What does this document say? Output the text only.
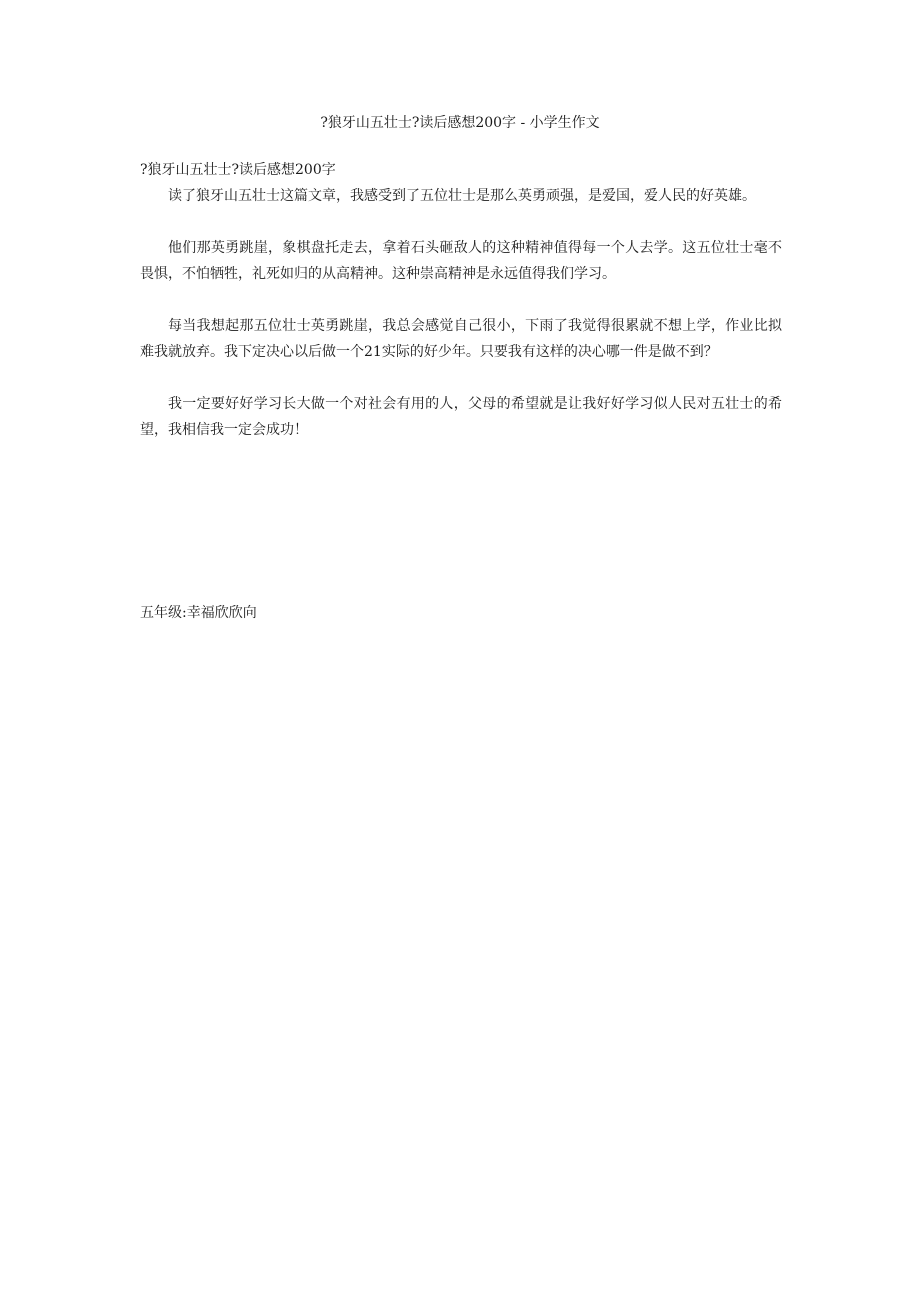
?狼牙山五壮士?读后感想200字 - 小学生作文

?狼牙山五壮士?读后感想200字

读了狼牙山五壮士这篇文章，我感受到了五位壮士是那么英勇顽强，是爱国，爱人民的好英雄。

他们那英勇跳崖，象棋盘托走去，拿着石头砸敌人的这种精神值得每一个人去学。这五位壮士毫不畏惧，不怕牺牲，礼死如归的从高精神。这种崇高精神是永远值得我们学习。

每当我想起那五位壮士英勇跳崖，我总会感觉自己很小，下雨了我觉得很累就不想上学，作业比拟难我就放弃。我下定决心以后做一个21实际的好少年。只要我有这样的决心哪一件是做不到？

我一定要好好学习长大做一个对社会有用的人，父母的希望就是让我好好学习似人民对五壮士的希望，我相信我一定会成功！

五年级:幸福欣欣向
